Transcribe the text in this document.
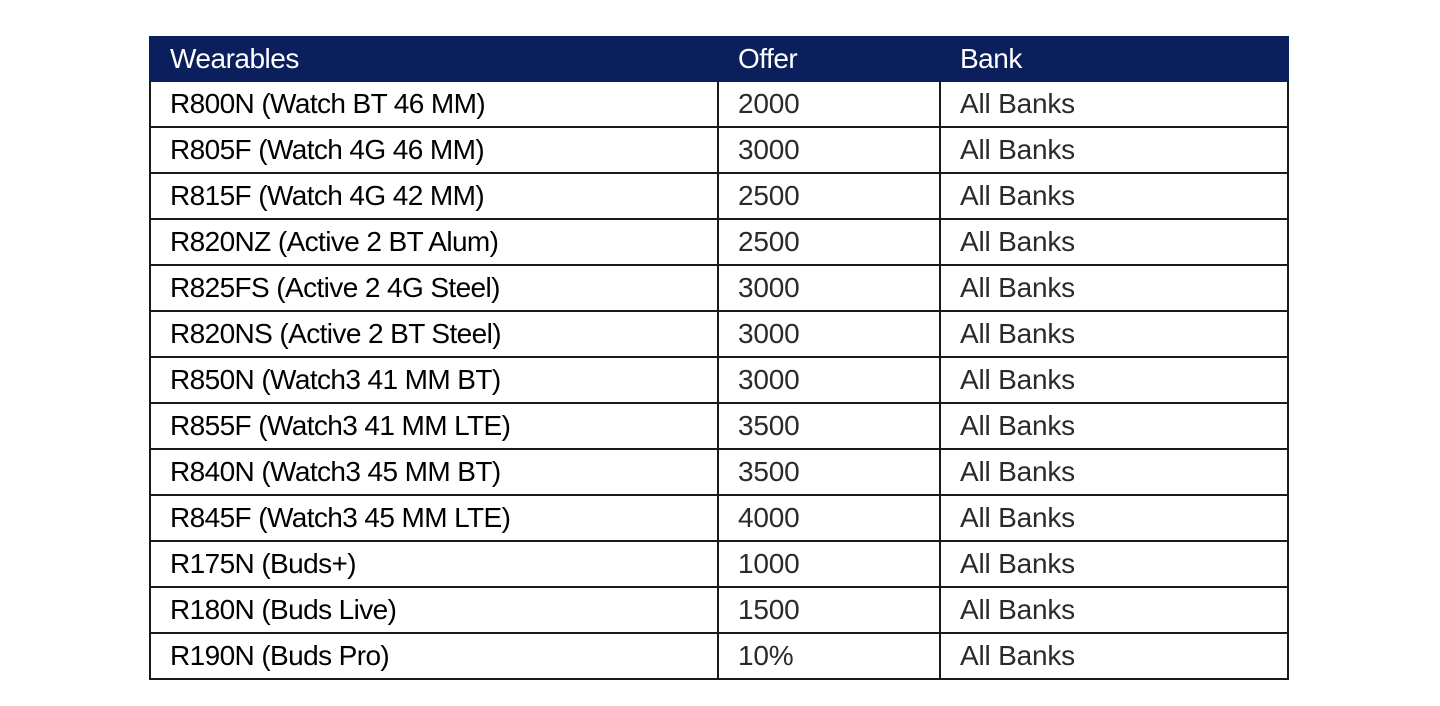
Wearables	Offer	Bank
R800N (Watch BT 46 MM)	2000	All Banks
R805F (Watch 4G 46 MM)	3000	All Banks
R815F (Watch 4G 42 MM)	2500	All Banks
R820NZ (Active 2 BT Alum)	2500	All Banks
R825FS (Active 2 4G Steel)	3000	All Banks
R820NS (Active 2 BT Steel)	3000	All Banks
R850N (Watch3 41 MM BT)	3000	All Banks
R855F (Watch3 41 MM LTE)	3500	All Banks
R840N (Watch3 45 MM BT)	3500	All Banks
R845F (Watch3 45 MM LTE)	4000	All Banks
R175N (Buds+)	1000	All Banks
R180N (Buds Live)	1500	All Banks
R190N (Buds Pro)	10%	All Banks
